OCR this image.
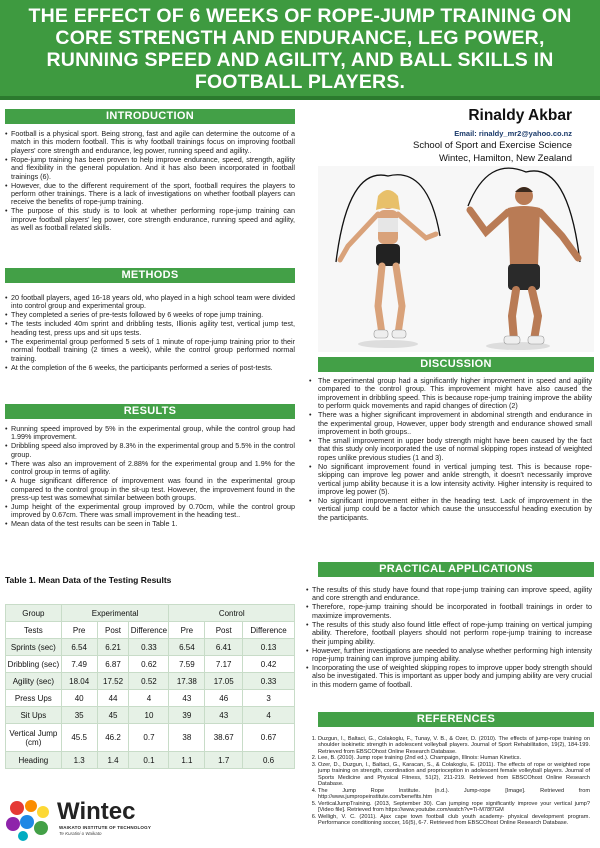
THE EFFECT OF 6 WEEKS OF ROPE-JUMP TRAINING ON CORE STRENGTH AND ENDURANCE, LEG POWER, RUNNING SPEED AND AGILITY, AND BALL SKILLS IN FOOTBALL PLAYERS.
INTRODUCTION
• Football is a physical sport. Being strong, fast and agile can determine the outcome of a match in this modern football. This is why football trainings focus on improving football players' core strength and endurance, leg power, running speed and agility..
• Rope-jump training has been proven to help improve endurance, speed, strength, agility and flexibility in the general population. And it has also been incorporated in football trainings (6).
• However, due to the different requirement of the sport, football requires the players to perform other trainings. There is a lack of investigations on whether football players can receive the benefits of rope-jump training.
• The purpose of this study is to look at whether performing rope-jump training can improve football players' leg power, core strength endurance, running speed and agility, as well as football related skills.
METHODS
• 20 football players, aged 16-18 years old, who played in a high school team were divided into control group and experimental group.
• They completed a series of pre-tests followed by 6 weeks of rope jump training.
• The tests included 40m sprint and dribbling tests, Illionis agility test, vertical jump test, heading test, press ups and sit ups tests.
• The experimental group performed 5 sets of 1 minute of rope-jump training prior to their normal football training (2 times a week), while the control group performed normal training.
• At the completion of the 6 weeks, the participants performed a series of post-tests.
RESULTS
• Running speed improved by 5% in the experimental group, while the control group had 1.99% improvement.
• Dribbling speed also improved by 8.3% in the experimental group and 5.5% in the control group.
• There was also an improvement of 2.88% for the experimental group and 1.9% for the control group in terms of agility.
• A huge significant difference of improvement was found in the experimental group compared to the control group in the sit-up test. However, the improvement found in the press-up test was somewhat similar between both groups.
• Jump height of the experimental group improved by 0.70cm, while the control group improved by 0.67cm. There was small improvement in the heading test..
• Mean data of the test results can be seen in Table 1.
Table 1. Mean Data of the Testing Results
Group	Experimental			Control		
Tests	Pre	Post	Difference	Pre	Post	Difference
Sprints (sec)	6.54	6.21	0.33	6.54	6.41	0.13
Dribbling (sec)	7.49	6.87	0.62	7.59	7.17	0.42
Agility (sec)	18.04	17.52	0.52	17.38	17.05	0.33
Press Ups	40	44	4	43	46	3
Sit Ups	35	45	10	39	43	4
Vertical Jump (cm)	45.5	46.2	0.7	38	38.67	0.67
Heading	1.3	1.4	0.1	1.1	1.7	0.6
Wintec
WAIKATO INSTITUTE OF TECHNOLOGY
Te Kuratini o Waikato
Rinaldy Akbar
Email: rinaldy_mr2@yahoo.co.nz
School of Sport and Exercise Science
Wintec, Hamilton, New Zealand
DISCUSSION
• The experimental group had a significantly higher improvement in speed and agility compared to the control group. This improvement might have also caused the improvement in dribbling speed. This is because rope-jump training improve the ability to perform quick movements and rapid changes of direction (2)
• There was a higher significant improvement in abdominal strength and endurance in the experimental group, However, upper body strength and endurance showed small improvement in both groups..
• The small improvement in upper body strength might have been caused by the fact that this study only incorporated the use of normal skipping ropes instead of weighted ropes unlike previous studies (1 and 3).
• No significant improvement found in vertical jumping test. This is because rope-skipping can improve leg power and ankle strength, it doesn't necessarily improve vertical jump ability because it is a low intensity activity. Higher intensity is required to improve leg power (5).
• No significant improvement either in the heading test. Lack of improvement in the vertical jump could be a factor which cause the unsuccessful heading execution by the participants.
PRACTICAL APPLICATIONS
• The results of this study have found that rope-jump training can improve speed, agility and core strength and endurance.
• Therefore, rope-jump training should be incorporated in football trainings in order to maximize improvements.
• The results of this study also found little effect of rope-jump training on vertical jumping ability. Therefore, football players should not perform rope-jump training to increase their jumping ability.
• However, further investigations are needed to analyse whether performing high intensity rope-jump training can improve jumping ability.
• Incorporating the use of weighted skipping ropes to improve upper body strength should also be investigated. This is important as upper body and jumping ability are very crucial in this modern game of football.
REFERENCES
1. Duzgun, I., Baltaci, G., Colakoglu, F., Tunay, V. B., & Ozer, D. (2010). The effects of jump-rope training on shoulder isokinetic strength in adolescent volleyball players. Journal of Sport Rehabilitation, 19(2), 184-199. Retrieved from EBSCOhost Online Research Database.
2. Lee, B. (2010). Jump rope training (2nd ed.). Champaign, Illinois: Human Kinetics.
3. Ozer, D., Duzgun, I., Baltaci, G., Karacan, S., & Colakoglu, E. (2011). The effects of rope or weighted rope jump training on strength, coordination and proprioception in adolescent female volleyball players. Journal of Sports Medicine and Physical Fitness, 51(2), 211-219. Retrieved from EBSCOhost Online Research Database.
4. The Jump Rope Institute. (n.d.). Jump-rope [Image]. Retrieved from http://www.jumpropeinstitute.com/benefits.htm
5. VerticalJumpTraining. (2013, September 30). Can jumping rope significantly improve your vertical jump? [Video file]. Retrieved from https://www.youtube.com/watch?v=Ti-M78f7GM
6. Welligh, V. C. (2011). Ajax cape town football club youth academy- physical development program. Performance conditioning soccer, 16(5), 6-7. Retrieved from EBSCOhost Online Research Database.
